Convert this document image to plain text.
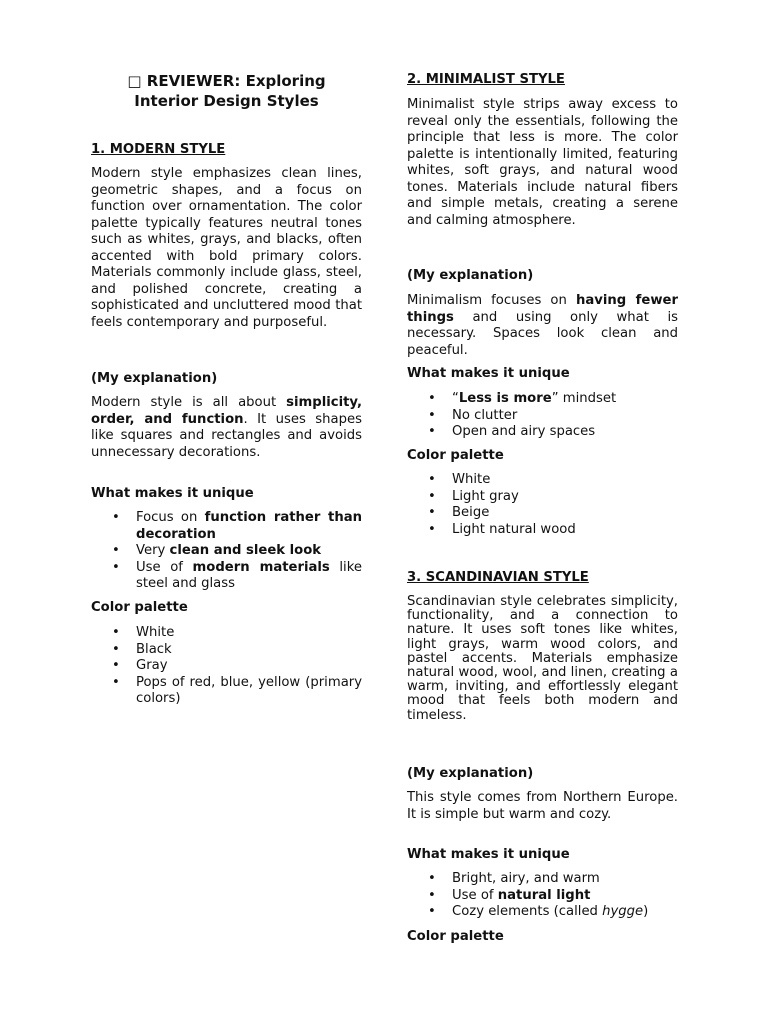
□ REVIEWER: Exploring
Interior Design Styles
1. MODERN STYLE

Modern style emphasizes clean lines, geometric shapes, and a focus on function over ornamentation. The color palette typically features neutral tones such as whites, grays, and blacks, often accented with bold primary colors. Materials commonly include glass, steel, and polished concrete, creating a sophisticated and uncluttered mood that feels contemporary and purposeful.

(My explanation)

Modern style is all about simplicity, order, and function. It uses shapes like squares and rectangles and avoids unnecessary decorations.

What makes it unique
• Focus on function rather than decoration
• Very clean and sleek look
• Use of modern materials like steel and glass
Color palette
• White
• Black
• Gray
• Pops of red, blue, yellow (primary colors)
2. MINIMALIST STYLE

Minimalist style strips away excess to reveal only the essentials, following the principle that less is more. The color palette is intentionally limited, featuring whites, soft grays, and natural wood tones. Materials include natural fibers and simple metals, creating a serene and calming atmosphere.

(My explanation)

Minimalism focuses on having fewer things and using only what is necessary. Spaces look clean and peaceful.

What makes it unique
• “Less is more” mindset
• No clutter
• Open and airy spaces
Color palette
• White
• Light gray
• Beige
• Light natural wood
3. SCANDINAVIAN STYLE

Scandinavian style celebrates simplicity, functionality, and a connection to nature. It uses soft tones like whites, light grays, warm wood colors, and pastel accents. Materials emphasize natural wood, wool, and linen, creating a warm, inviting, and effortlessly elegant mood that feels both modern and timeless.

(My explanation)

This style comes from Northern Europe. It is simple but warm and cozy.

What makes it unique
• Bright, airy, and warm
• Use of natural light
• Cozy elements (called hygge)
Color palette
